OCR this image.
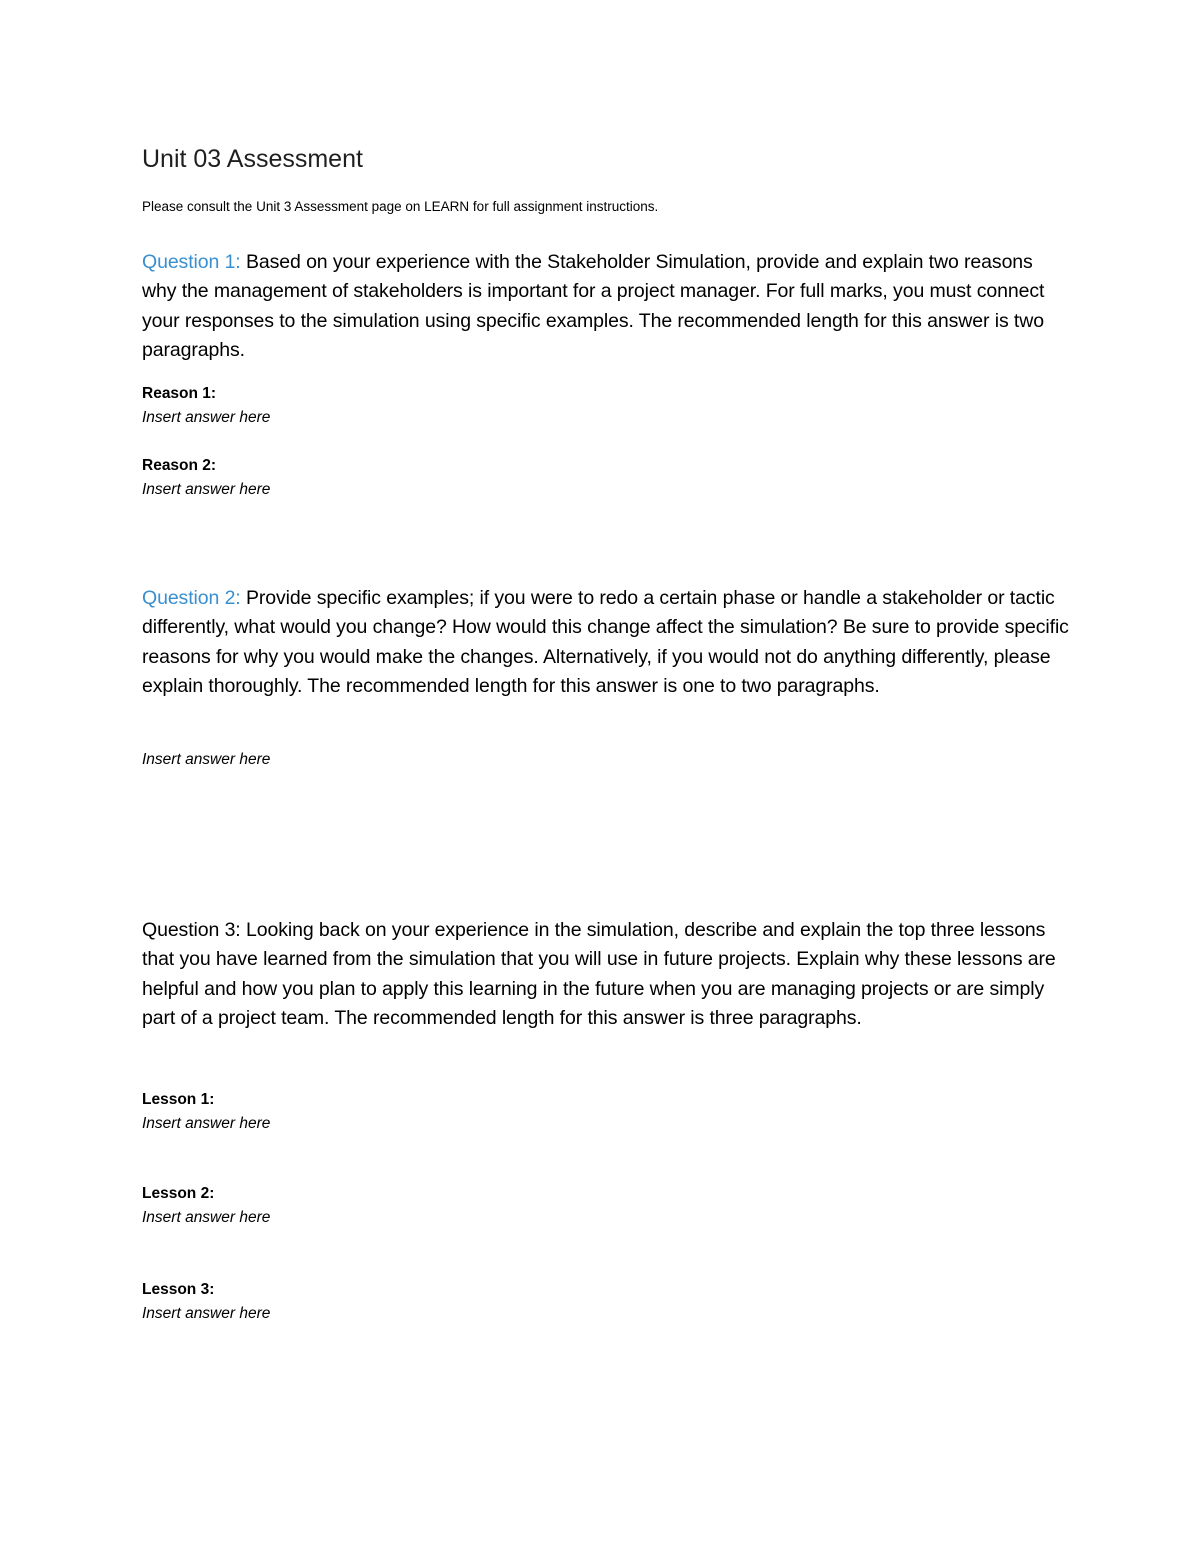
Unit 03 Assessment
Please consult the Unit 3 Assessment page on LEARN for full assignment instructions.
Question 1: Based on your experience with the Stakeholder Simulation, provide and explain two reasons why the management of stakeholders is important for a project manager. For full marks, you must connect your responses to the simulation using specific examples. The recommended length for this answer is two paragraphs.
Reason 1:
Insert answer here
Reason 2:
Insert answer here
Question 2: Provide specific examples; if you were to redo a certain phase or handle a stakeholder or tactic differently, what would you change? How would this change affect the simulation? Be sure to provide specific reasons for why you would make the changes. Alternatively, if you would not do anything differently, please explain thoroughly. The recommended length for this answer is one to two paragraphs.
Insert answer here
Question 3: Looking back on your experience in the simulation, describe and explain the top three lessons that you have learned from the simulation that you will use in future projects. Explain why these lessons are helpful and how you plan to apply this learning in the future when you are managing projects or are simply part of a project team. The recommended length for this answer is three paragraphs.
Lesson 1:
Insert answer here
Lesson 2:
Insert answer here
Lesson 3:
Insert answer here
